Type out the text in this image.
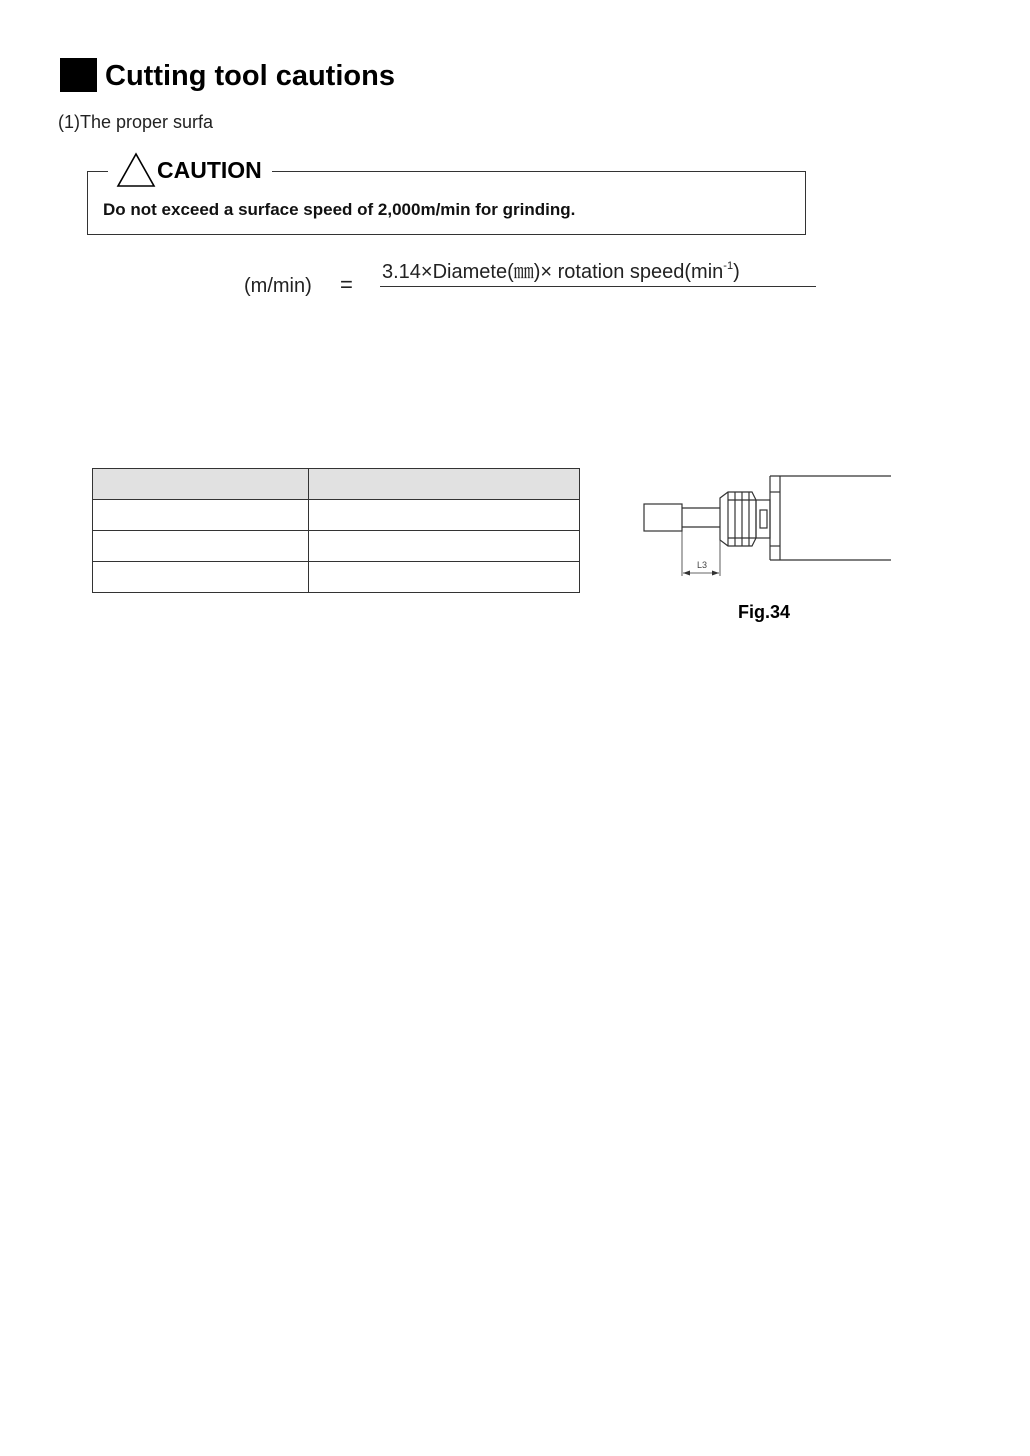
Cutting tool cautions
(1)The proper surfa
CAUTION
Do not exceed a surface speed of 2,000m/min for grinding.
(m/min) = 3.14×Diamete(㎜)× rotation $speed(\min^{-1})$

L3
Fig.34
